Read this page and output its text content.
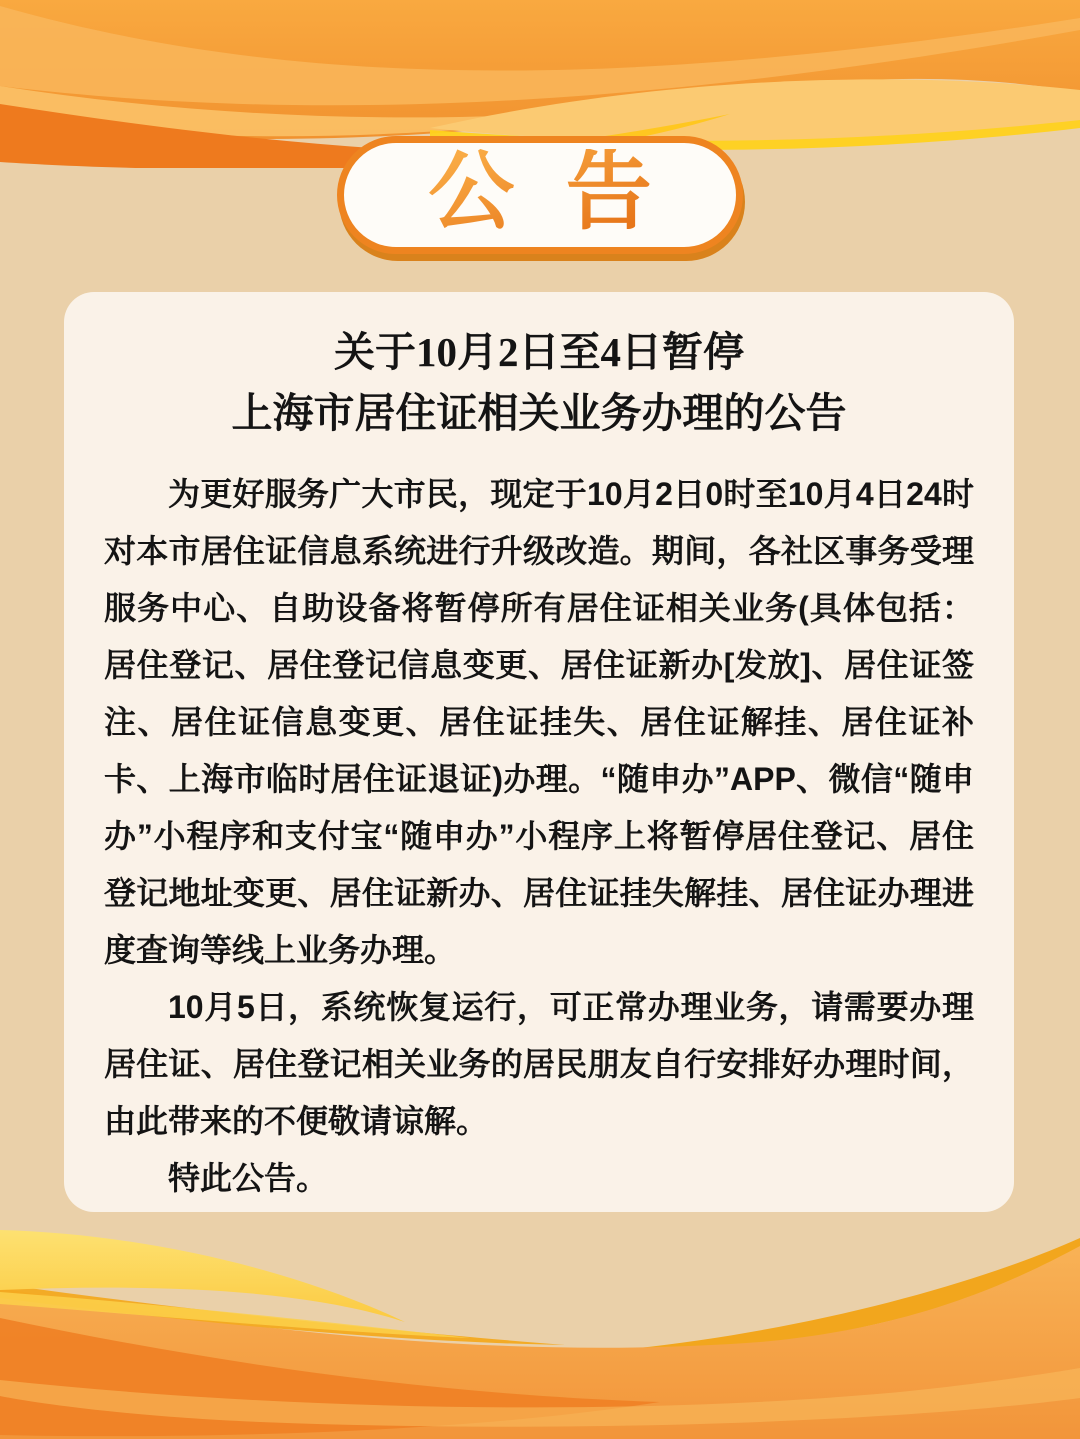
公 告
关于10月2日至4日暂停
上海市居住证相关业务办理的公告

为更好服务广大市民，现定于10月2日0时至10月4日24时对本市居住证信息系统进行升级改造。期间，各社区事务受理服务中心、自助设备将暂停所有居住证相关业务(具体包括：居住登记、居住登记信息变更、居住证新办[发放]、居住证签注、居住证信息变更、居住证挂失、居住证解挂、居住证补卡、上海市临时居住证退证)办理。“随申办”APP、微信“随申办”小程序和支付宝“随申办”小程序上将暂停居住登记、居住登记地址变更、居住证新办、居住证挂失解挂、居住证办理进度查询等线上业务办理。

10月5日，系统恢复运行，可正常办理业务，请需要办理居住证、居住登记相关业务的居民朋友自行安排好办理时间，由此带来的不便敬请谅解。

特此公告。
